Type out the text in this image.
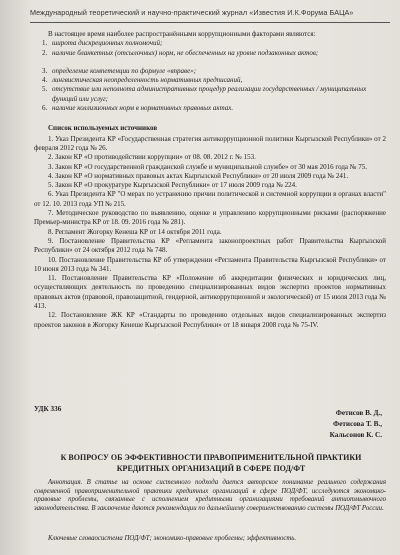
Международный теоретический и научно-практический журнал «Известия И.К.Форума БАЦА»

В настоящее время наиболее распространёнными коррупционными факторами являются:

1. широта дискреционных полномочий;
2. наличие бланкетных (отсылочных) норм, не обеспеченных на уровне подзаконных актов;
3. определение компетенции по формуле «вправе»;
4. лингвистическая неопределенность нормативных предписаний,
5. отсутствие или неполнота административных процедур реализации государственных / муниципальных функций или услуг;
6. наличие коллизионных норм в нормативных правовых актах.

Список используемых источников

1. Указ Президента КР «Государственная стратегия антикоррупционной политики Кыргызской Республики» от 2 февраля 2012 года № 26.

2. Закон КР «О противодействии коррупции» от 08. 08. 2012 г. № 153.

3. Закон КР «О государственной гражданской службе и муниципальной службе» от 30 мая 2016 года № 75.

4. Закон КР «О нормативных правовых актах Кыргызской Республики» от 20 июля 2009 года № 241.

5. Закон КР «О прокуратуре Кыргызской Республики» от 17 июля 2009 года № 224.

6. Указ Президента КР "О мерах по устранению причин политической и системной коррупции в органах власти" от 12. 10. 2013 года УП № 215.

7. Методическое руководство по выявлению, оценке и управлению коррупционными рисками (распоряжение Премьер-министра КР от 18. 09. 2016 года № 281).

8. Регламент Жогорку Кенеша КР от 14 октября 2011 года.

9. Постановление Правительства КР «Регламента законопроектных работ Правительства Кыргызской Республики» от 24 октября 2012 года № 748.

10. Постановление Правительства КР об утверждении «Регламента Правительства Кыргызской Республики» от 10 июня 2013 года № 341.

11. Постановление Правительства КР «Положение об аккредитации физических и юридических лиц, осуществляющих деятельность по проведению специализированных видов экспертиз проектов нормативных правовых актов (правовой, правозащитной, гендерной, антикоррупционной и экологической) от 15 июля 2013 года № 413.

12. Постановление ЖК КР «Стандарты по проведению отдельных видов специализированных экспертиз проектов законов в Жогорку Кенеше Кыргызской Республики» от 18 января 2008 года № 75-IV.

УДК 336	Фетисов В. Д.,
Фетисова Т. В.,
Кальсонов К. С.
К ВОПРОСУ ОБ ЭФФЕКТИВНОСТИ ПРАВОПРИМЕНИТЕЛЬНОЙ ПРАКТИКИ
КРЕДИТНЫХ ОРГАНИЗАЦИЙ В СФЕРЕ ПОД/ФТ

Аннотация. В статье на основе системного подхода дается авторское понимание реального содержания современной правоприменительной практики кредитных организаций в сфере ПОД/ФТ, исследуются экономико-правовые проблемы, связанные с исполнением кредитными организациями требований антиотмывочного законодательства. В заключение даются рекомендации по дальнейшему совершенствованию системы ПОД/ФТ России.

Ключевые словаосистема ПОД/ФТ; экономико-правовые проблемы; эффективность.
